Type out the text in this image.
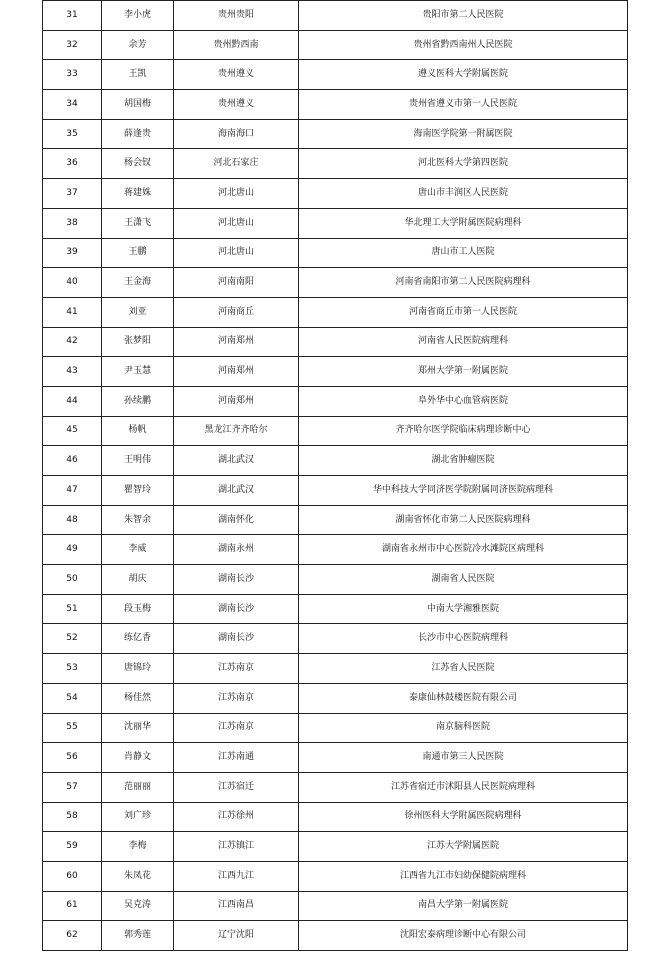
31	李小虎	贵州贵阳	贵阳市第二人民医院
32	余芳	贵州黔西南	贵州省黔西南州人民医院
33	王凯	贵州遵义	遵义医科大学附属医院
34	胡国梅	贵州遵义	贵州省遵义市第一人民医院
35	薛逢贵	海南海口	海南医学院第一附属医院
36	杨会钗	河北石家庄	河北医科大学第四医院
37	蒋建姝	河北唐山	唐山市丰润区人民医院
38	王潇飞	河北唐山	华北理工大学附属医院病理科
39	王鹏	河北唐山	唐山市工人医院
40	王金海	河南南阳	河南省南阳市第二人民医院病理科
41	刘亚	河南商丘	河南省商丘市第一人民医院
42	张梦阳	河南郑州	河南省人民医院病理科
43	尹玉慧	河南郑州	郑州大学第一附属医院
44	孙续鹏	河南郑州	阜外华中心血管病医院
45	杨帆	黑龙江齐齐哈尔	齐齐哈尔医学院临床病理诊断中心
46	王明伟	湖北武汉	湖北省肿瘤医院
47	瞿智玲	湖北武汉	华中科技大学同济医学院附属同济医院病理科
48	朱智余	湖南怀化	湖南省怀化市第二人民医院病理科
49	李威	湖南永州	湖南省永州市中心医院冷水滩院区病理科
50	胡庆	湖南长沙	湖南省人民医院
51	段玉梅	湖南长沙	中南大学湘雅医院
52	练亿香	湖南长沙	长沙市中心医院病理科
53	唐锦玲	江苏南京	江苏省人民医院
54	杨佳然	江苏南京	泰康仙林鼓楼医院有限公司
55	沈丽华	江苏南京	南京脑科医院
56	肖静文	江苏南通	南通市第三人民医院
57	范丽丽	江苏宿迁	江苏省宿迁市沭阳县人民医院病理科
58	刘广珍	江苏徐州	徐州医科大学附属医院病理科
59	李梅	江苏镇江	江苏大学附属医院
60	朱凤花	江西九江	江西省九江市妇幼保健院病理科
61	吴克涛	江西南昌	南昌大学第一附属医院
62	郭秀莲	辽宁沈阳	沈阳宏泰病理诊断中心有限公司
